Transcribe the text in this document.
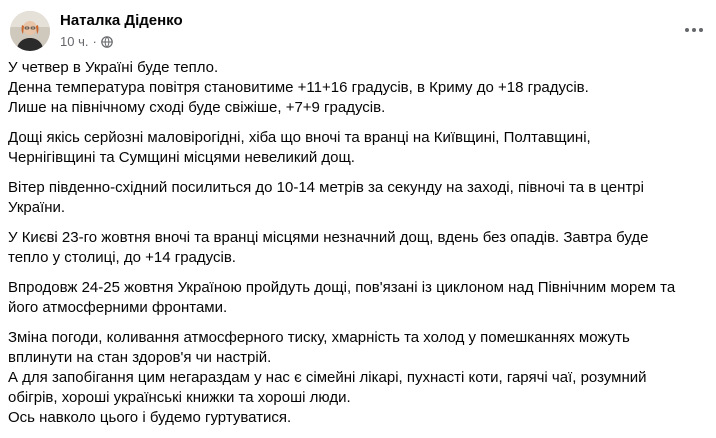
Наталка Діденко
10 ч. ·

У четвер в Україні буде тепло.
Денна температура повітря становитиме +11+16 градусів, в Криму до +18 градусів.
Лише на північному сході буде свіжіше, +7+9 градусів.

Дощі якісь серйозні маловірогідні, хіба що вночі та вранці на Київщині, Полтавщині,
Чернігівщині та Сумщині місцями невеликий дощ.

Вітер південно-східний посилиться до 10-14 метрів за секунду на заході, півночі та в центрі
України.

У Києві 23-го жовтня вночі та вранці місцями незначний дощ, вдень без опадів. Завтра буде
тепло у столиці, до +14 градусів.

Впродовж 24-25 жовтня Україною пройдуть дощі, пов'язані із циклоном над Північним морем та
його атмосферними фронтами.

Зміна погоди, коливання атмосферного тиску, хмарність та холод у помешканнях можуть
вплинути на стан здоров'я чи настрій.
А для запобігання цим негараздам у нас є сімейні лікарі, пухнасті коти, гарячі чаї, розумний
обігрів, хороші українські книжки та хороші люди.
Ось навколо цього і будемо гуртуватися.
